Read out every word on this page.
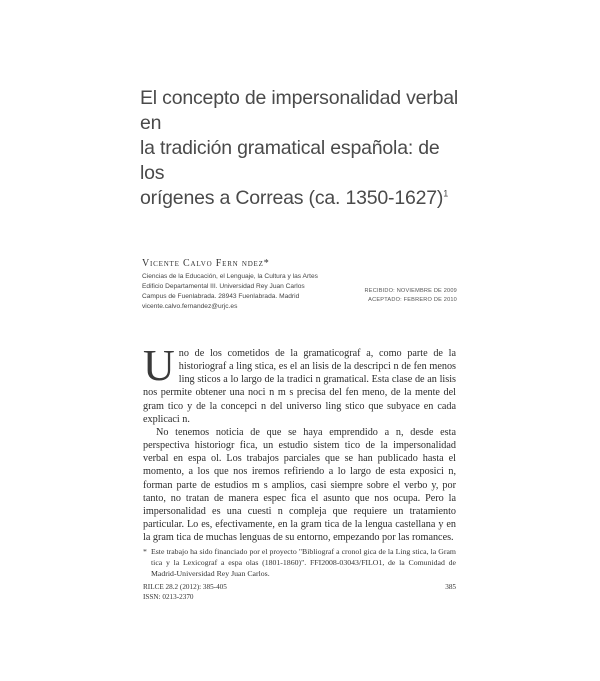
El concepto de impersonalidad verbal en
la tradición gramatical española: de los
orígenes a Correas (ca. 1350-1627)$^1$
Vicente Calvo Fern ndez*
Ciencias de la Educación, el Lenguaje, la Cultura y las Artes
Edificio Departamental III. Universidad Rey Juan Carlos
Campus de Fuenlabrada. 28943 Fuenlabrada. Madrid
vicente.calvo.fernandez@urjc.es
RECIBIDO: NOVIEMBRE DE 2009
ACEPTADO: FEBRERO DE 2010

Uno de los cometidos de la gramaticograf a, como parte de la historiograf a ling stica, es el an lisis de la descripci n de fen menos ling sticos a lo largo de la tradici n gramatical. Esta clase de an lisis nos permite obtener una noci n m s precisa del fen meno, de la mente del gram tico y de la concepci n del universo ling stico que subyace en cada explicaci n.

No tenemos noticia de que se haya emprendido a n, desde esta perspectiva historiogr fica, un estudio sistem tico de la impersonalidad verbal en espa ol. Los trabajos parciales que se han publicado hasta el momento, a los que nos iremos refiriendo a lo largo de esta exposici n, forman parte de estudios m s amplios, casi siempre sobre el verbo y, por tanto, no tratan de manera espec fica el asunto que nos ocupa. Pero la impersonalidad es una cuesti n compleja que requiere un tratamiento particular. Lo es, efectivamente, en la gram tica de la lengua castellana y en la gram tica de muchas lenguas de su entorno, empezando por las romances.

* Este trabajo ha sido financiado por el proyecto "Bibliograf a cronol gica de la Ling stica, la Gram tica y la Lexicograf a espa olas (1801-1860)". FFI2008-03043/FILO1, de la Comunidad de Madrid-Universidad Rey Juan Carlos.
RILCE 28.2 (2012): 385-405
ISSN: 0213-2370
385
